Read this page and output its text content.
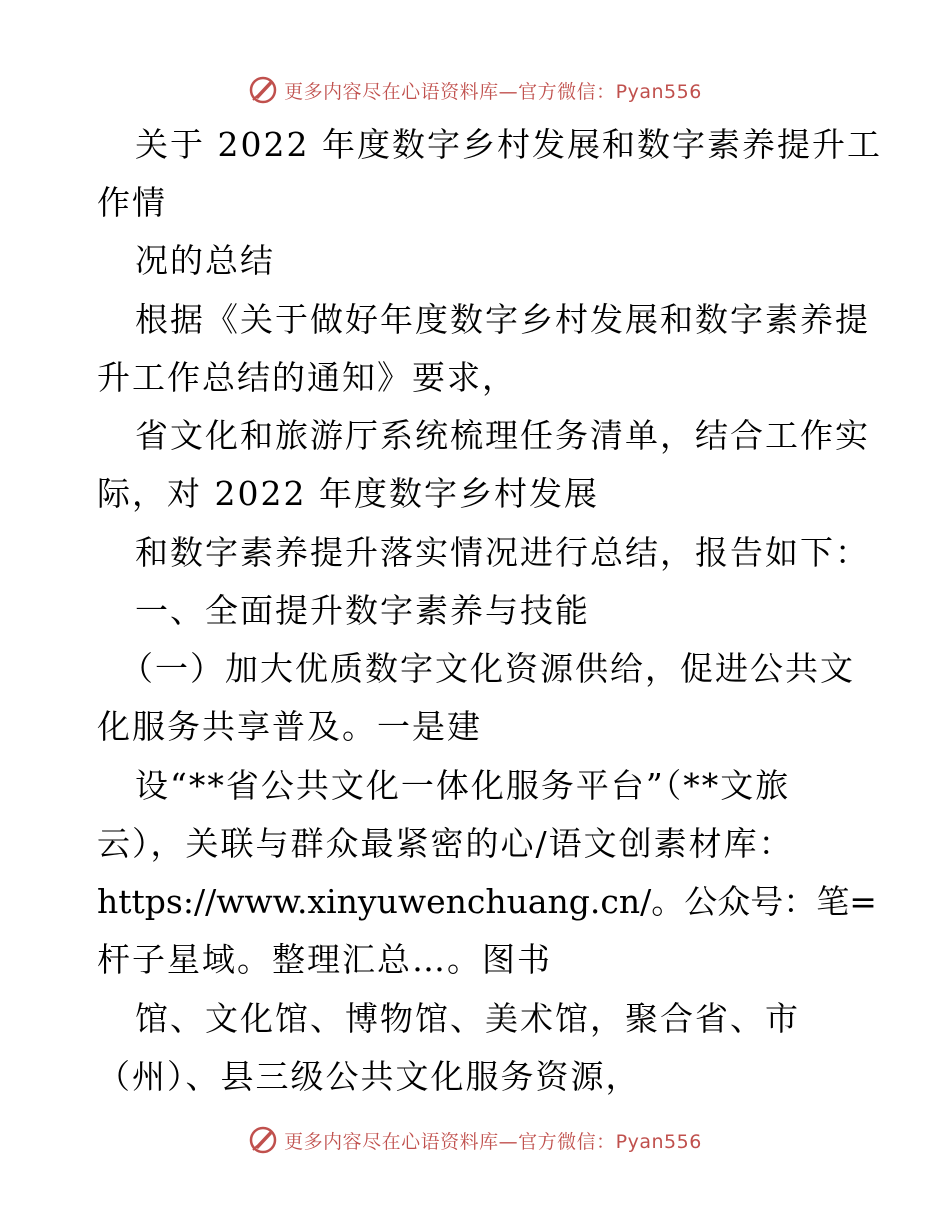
更多内容尽在心语资料库—官方微信：Pyan556
关于 2022 年度数字乡村发展和数字素养提升工
作情
况的总结
根据《关于做好年度数字乡村发展和数字素养提
升工作总结的通知》要求，
省文化和旅游厅系统梳理任务清单，结合工作实
际，对 2022 年度数字乡村发展
和数字素养提升落实情况进行总结，报告如下：
一、全面提升数字素养与技能
（一）加大优质数字文化资源供给，促进公共文
化服务共享普及。一是建
设“**省公共文化一体化服务平台”（**文旅
云），关联与群众最紧密的心/语文创素材库：
https://www.xinyuwenchuang.cn/。公众号：笔=
杆子星域。整理汇总…。图书
馆、文化馆、博物馆、美术馆，聚合省、市
（州）、县三级公共文化服务资源，
更多内容尽在心语资料库—官方微信：Pyan556
